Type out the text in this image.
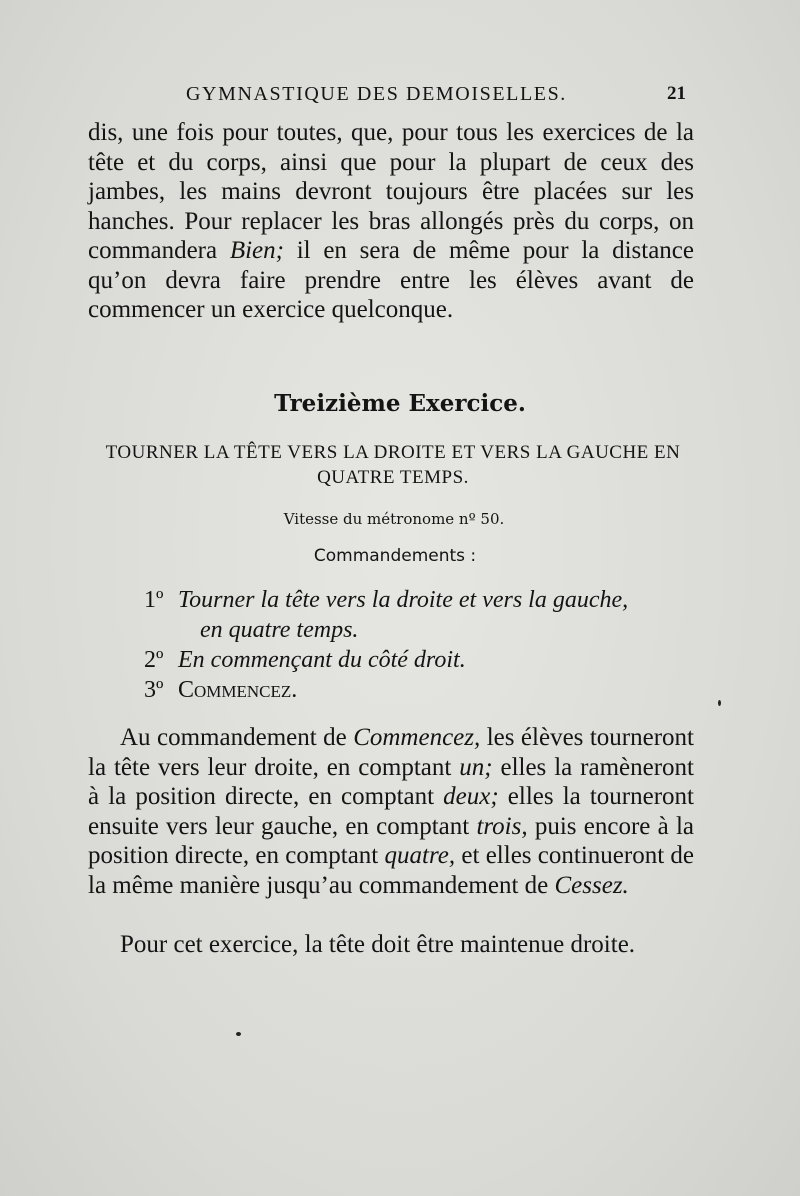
GYMNASTIQUE DES DEMOISELLES.	21

dis, une fois pour toutes, que, pour tous les exercices de la tête et du corps, ainsi que pour la plupart de ceux des jambes, les mains devront toujours être placées sur les hanches. Pour replacer les bras allongés près du corps, on commandera Bien; il en sera de même pour la distance qu’on devra faire prendre entre les élèves avant de commencer un exercice quelconque.

Treizième Exercice.
TOURNER LA TÊTE VERS LA DROITE ET VERS LA GAUCHE EN QUATRE TEMPS.
Vitesse du métronome nº 50.
Commandements :
1º Tourner la tête vers la droite et vers la gauche,
en quatre temps.
2º En commençant du côté droit.
3º Commencez.

Au commandement de Commencez, les élèves tourneront la tête vers leur droite, en comptant un; elles la ramèneront à la position directe, en comptant deux; elles la tourneront ensuite vers leur gauche, en comptant trois, puis encore à la position directe, en comptant quatre, et elles continueront de la même manière jusqu’au commandement de Cessez.

Pour cet exercice, la tête doit être maintenue droite.
